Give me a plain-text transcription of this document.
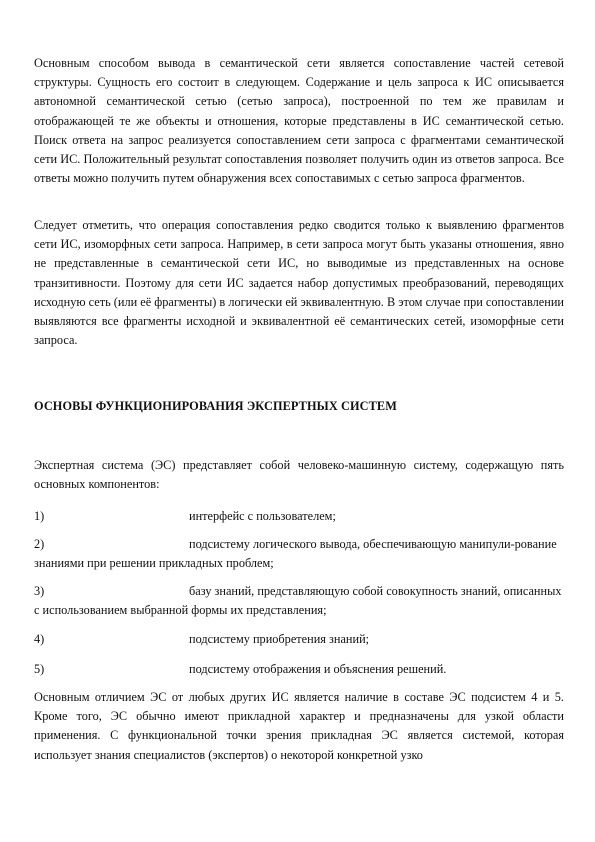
Основным способом вывода в семантической сети является сопоставление частей сетевой структуры. Сущность его состоит в следующем. Содержание и цель запроса к ИС описывается автономной семантической сетью (сетью запроса), построенной по тем же правилам и отображающей те же объекты и отношения, которые представлены в ИС семантической сетью. Поиск ответа на запрос реализуется сопоставлением сети запроса с фрагментами семантической сети ИС. Положительный результат сопоставления позволяет получить один из ответов запроса. Все ответы можно получить путем обнаружения всех сопоставимых с сетью запроса фрагментов.

Следует отметить, что операция сопоставления редко сводится только к выявлению фрагментов сети ИС, изоморфных сети запроса. Например, в сети запроса могут быть указаны отношения, явно не представленные в семантической сети ИС, но выводимые из представленных на основе транзитивности. Поэтому для сети ИС задается набор допустимых преобразований, переводящих исходную сеть (или её фрагменты) в логически ей эквивалентную. В этом случае при сопоставлении выявляются все фрагменты исходной и эквивалентной её семантических сетей, изоморфные сети запроса.

ОСНОВЫ ФУНКЦИОНИРОВАНИЯ ЭКСПЕРТНЫХ СИСТЕМ

Экспертная система (ЭС) представляет собой человеко-машинную систему, содержащую пять основных компонентов:

1)	интерфейс с пользователем;
2)	подсистему логического вывода, обеспечивающую манипули-рование знаниями при решении прикладных проблем;
3)	базу знаний, представляющую собой совокупность знаний, описанных с использованием выбранной формы их представления;
4)	подсистему приобретения знаний;
5)	подсистему отображения и объяснения решений.

Основным отличием ЭС от любых других ИС является наличие в составе ЭС подсистем 4 и 5. Кроме того, ЭС обычно имеют прикладной характер и предназначены для узкой области применения. С функциональной точки зрения прикладная ЭС является системой, которая использует знания специалистов (экспертов) о некоторой конкретной узко
